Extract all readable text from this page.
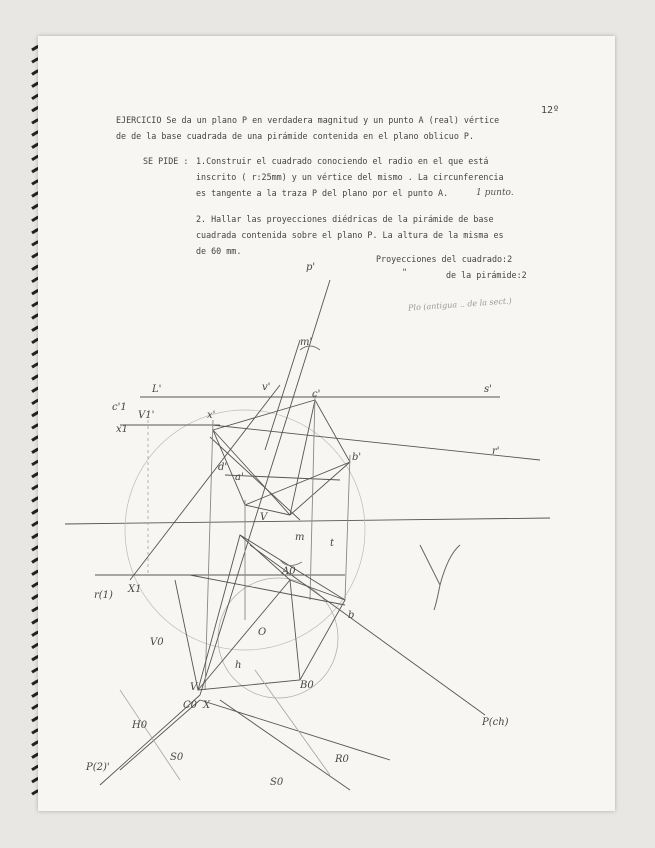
12º
EJERCICIO Se da un plano P en verdadera magnitud y un punto A (real) vértice
de de la base cuadrada de una pirámide contenida en el plano oblicuo P.
SE PIDE : 1.Construir el cuadrado conociendo el radio en el que está
inscrito ( r:25mm) y un vértice del mismo . La circunferencia
es tangente a la traza P del plano por el punto A.	1 punto.
2. Hallar las proyecciones diédricas de la pirámide de base
cuadrada contenida sobre el plano P. La altura de la misma es
de 60 mm.
Proyecciones del cuadrado:2
"	de la pirámide:2
Plo (antigua .. de la sect.)
p'
m'
L'	s'
r'
c'
v'
x'
b'
d'
a'
c'1
V1'
x1
V
m
t
r(1)
X1
V0
A0
b
O
h
V
C0 X
B0
H0
S0	R0
S0
P(ch)
P(2)'
